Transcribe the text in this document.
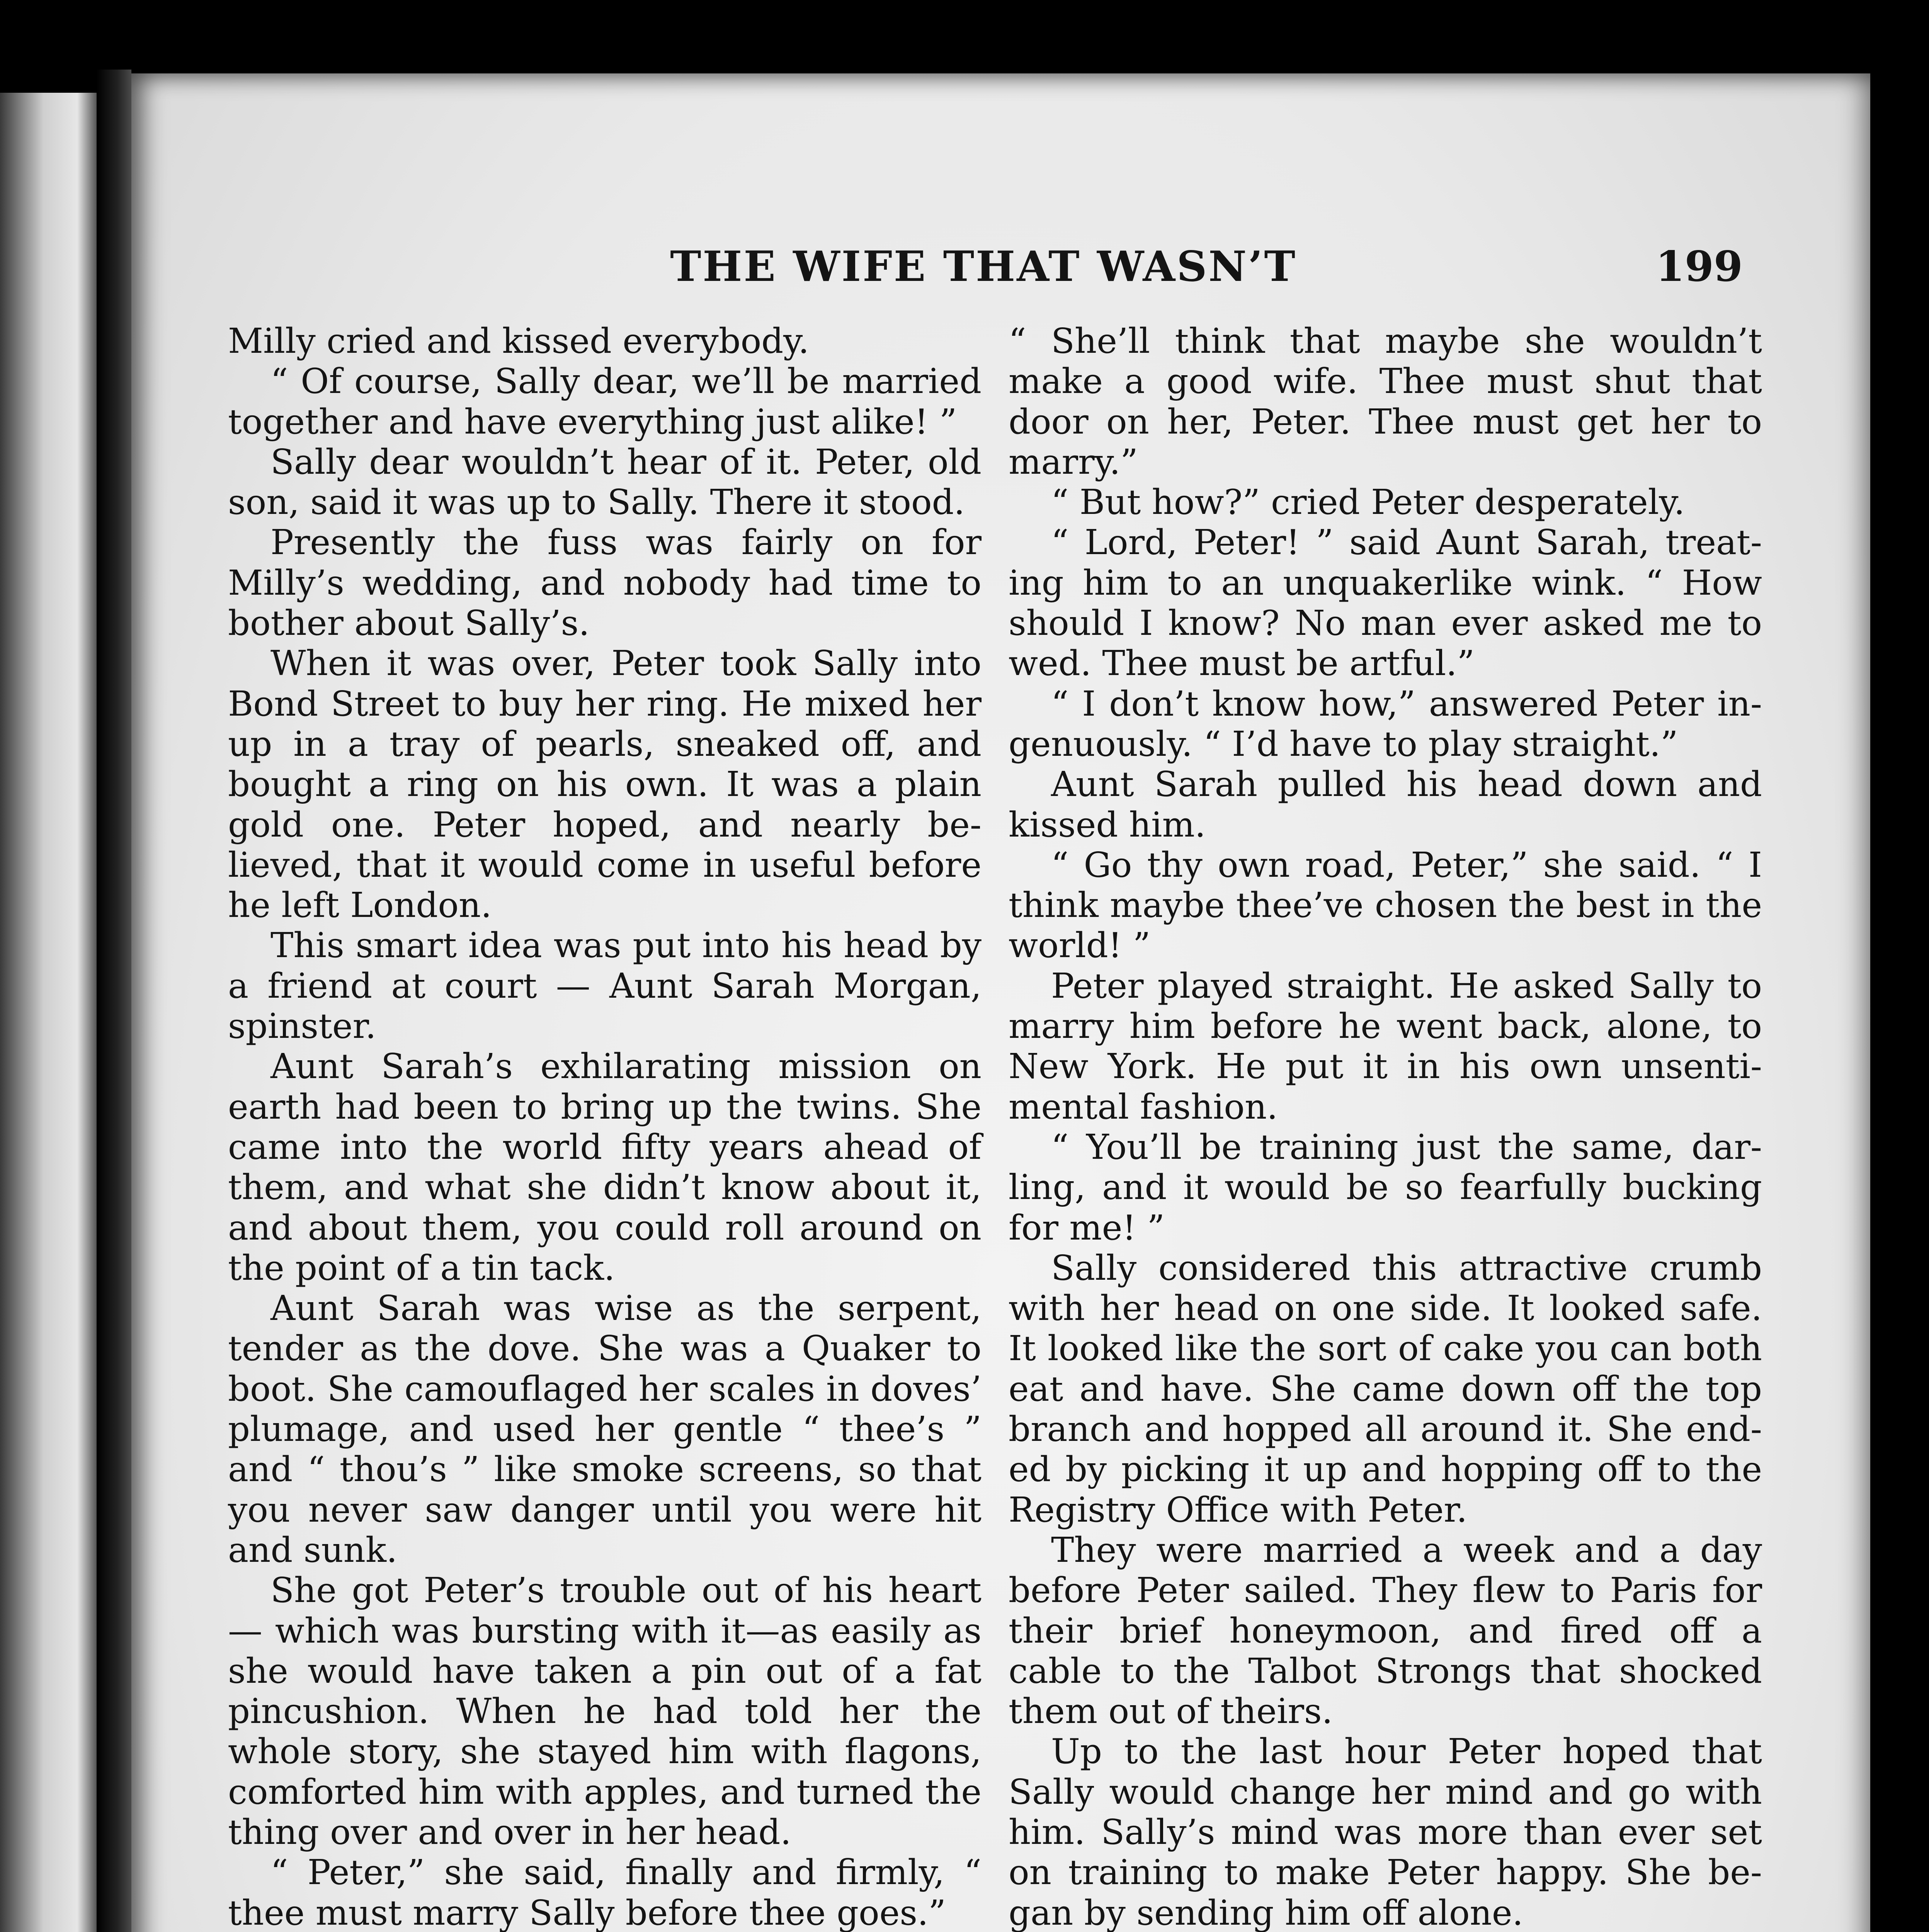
THE WIFE THAT WASN’T	199

Milly cried and kissed everybody.

“ Of course, Sally dear, we’ll be married together and have everything just alike! ”

Sally dear wouldn’t hear of it. Peter, old son, said it was up to Sally. There it stood.

Presently the fuss was fairly on for Milly’s wedding, and nobody had time to bother about Sally’s.

When it was over, Peter took Sally into Bond Street to buy her ring. He mixed her up in a tray of pearls, sneaked off, and bought a ring on his own. It was a plain gold one. Peter hoped, and nearly believed, that it would come in useful before he left London.

This smart idea was put into his head by a friend at court — Aunt Sarah Morgan, spinster.

Aunt Sarah’s exhilarating mission on earth had been to bring up the twins. She came into the world fifty years ahead of them, and what she didn’t know about it, and about them, you could roll around on the point of a tin tack.

Aunt Sarah was wise as the serpent, tender as the dove. She was a Quaker to boot. She camouflaged her scales in doves’ plumage, and used her gentle “ thee’s ” and “ thou’s ” like smoke screens, so that you never saw danger until you were hit and sunk.

She got Peter’s trouble out of his heart— which was bursting with it—as easily as she would have taken a pin out of a fat pincushion. When he had told her the whole story, she stayed him with flagons, comforted him with apples, and turned the thing over and over in her head.

“ Peter,” she said, finally and firmly, “ thee must marry Sally before thee goes.”

“ She’ll think that maybe she wouldn’t make a good wife. Thee must shut that door on her, Peter. Thee must get her to marry.”

“ But how?” cried Peter desperately.

“ Lord, Peter! ” said Aunt Sarah, treating him to an unquakerlike wink. “ How should I know? No man ever asked me to wed. Thee must be artful.”

“ I don’t know how,” answered Peter ingenuously. “ I’d have to play straight.”

Aunt Sarah pulled his head down and kissed him.

“ Go thy own road, Peter,” she said. “ I think maybe thee’ve chosen the best in the world! ”

Peter played straight. He asked Sally to marry him before he went back, alone, to New York. He put it in his own unsentimental fashion.

“ You’ll be training just the same, darling, and it would be so fearfully bucking for me! ”

Sally considered this attractive crumb with her head on one side. It looked safe. It looked like the sort of cake you can both eat and have. She came down off the top branch and hopped all around it. She ended by picking it up and hopping off to the Registry Office with Peter.

They were married a week and a day before Peter sailed. They flew to Paris for their brief honeymoon, and fired off a cable to the Talbot Strongs that shocked them out of theirs.

Up to the last hour Peter hoped that Sally would change her mind and go with him. Sally’s mind was more than ever set on training to make Peter happy. She began by sending him off alone.
